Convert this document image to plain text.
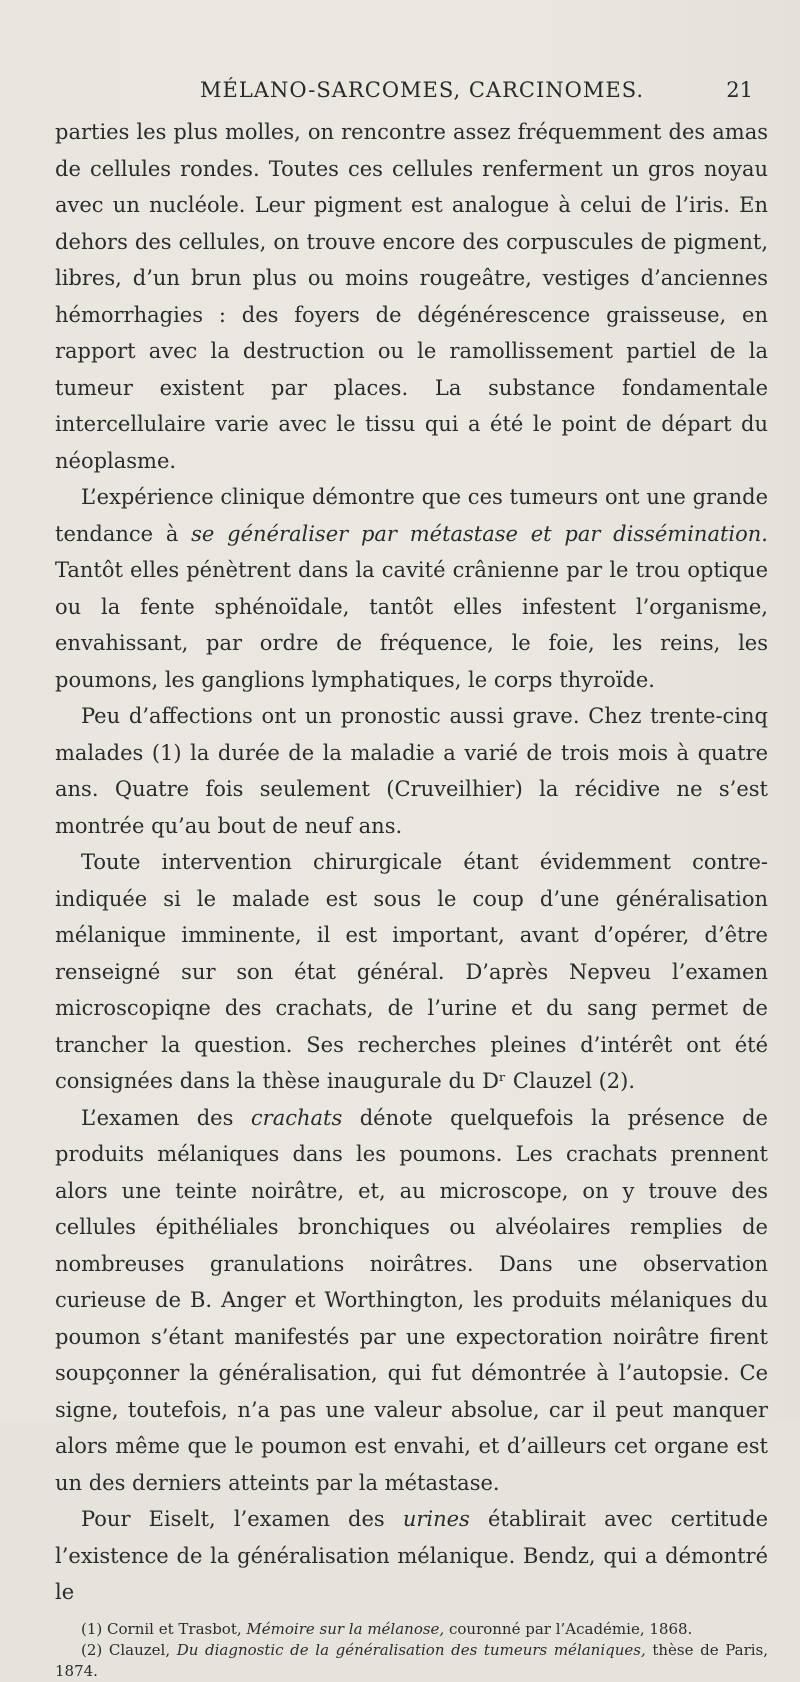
MÉLANO-SARCOMES, CARCINOMES.	21

parties les plus molles, on rencontre assez fréquemment des amas de cellules rondes. Toutes ces cellules renferment un gros noyau avec un nucléole. Leur pigment est analogue à celui de l’iris. En dehors des cellules, on trouve encore des corpuscules de pigment, libres, d’un brun plus ou moins rougeâtre, vestiges d’anciennes hémorrhagies : des foyers de dégénérescence graisseuse, en rapport avec la destruction ou le ramollissement partiel de la tumeur existent par places. La substance fondamentale intercellulaire varie avec le tissu qui a été le point de départ du néoplasme.

L’expérience clinique démontre que ces tumeurs ont une grande tendance à se généraliser par métastase et par dissémination. Tantôt elles pénètrent dans la cavité crânienne par le trou optique ou la fente sphénoïdale, tantôt elles infestent l’organisme, envahissant, par ordre de fréquence, le foie, les reins, les poumons, les ganglions lymphatiques, le corps thyroïde.

Peu d’affections ont un pronostic aussi grave. Chez trente-cinq malades (1) la durée de la maladie a varié de trois mois à quatre ans. Quatre fois seulement (Cruveilhier) la récidive ne s’est montrée qu’au bout de neuf ans.

Toute intervention chirurgicale étant évidemment contre-indiquée si le malade est sous le coup d’une généralisation mélanique imminente, il est important, avant d’opérer, d’être renseigné sur son état général. D’après Nepveu l’examen microscopiqne des crachats, de l’urine et du sang permet de trancher la question. Ses recherches pleines d’intérêt ont été consignées dans la thèse inaugurale du Dʳ Clauzel (2).

L’examen des crachats dénote quelquefois la présence de produits mélaniques dans les poumons. Les crachats prennent alors une teinte noirâtre, et, au microscope, on y trouve des cellules épithéliales bronchiques ou alvéolaires remplies de nombreuses granulations noirâtres. Dans une observation curieuse de B. Anger et Worthington, les produits mélaniques du poumon s’étant manifestés par une expectoration noirâtre firent soupçonner la généralisation, qui fut démontrée à l’autopsie. Ce signe, toutefois, n’a pas une valeur absolue, car il peut manquer alors même que le poumon est envahi, et d’ailleurs cet organe est un des derniers atteints par la métastase.

Pour Eiselt, l’examen des urines établirait avec certitude l’existence de la généralisation mélanique. Bendz, qui a démontré le

(1) Cornil et Trasbot, Mémoire sur la mélanose, couronné par l’Académie, 1868.

(2) Clauzel, Du diagnostic de la généralisation des tumeurs mélaniques, thèse de Paris, 1874.
